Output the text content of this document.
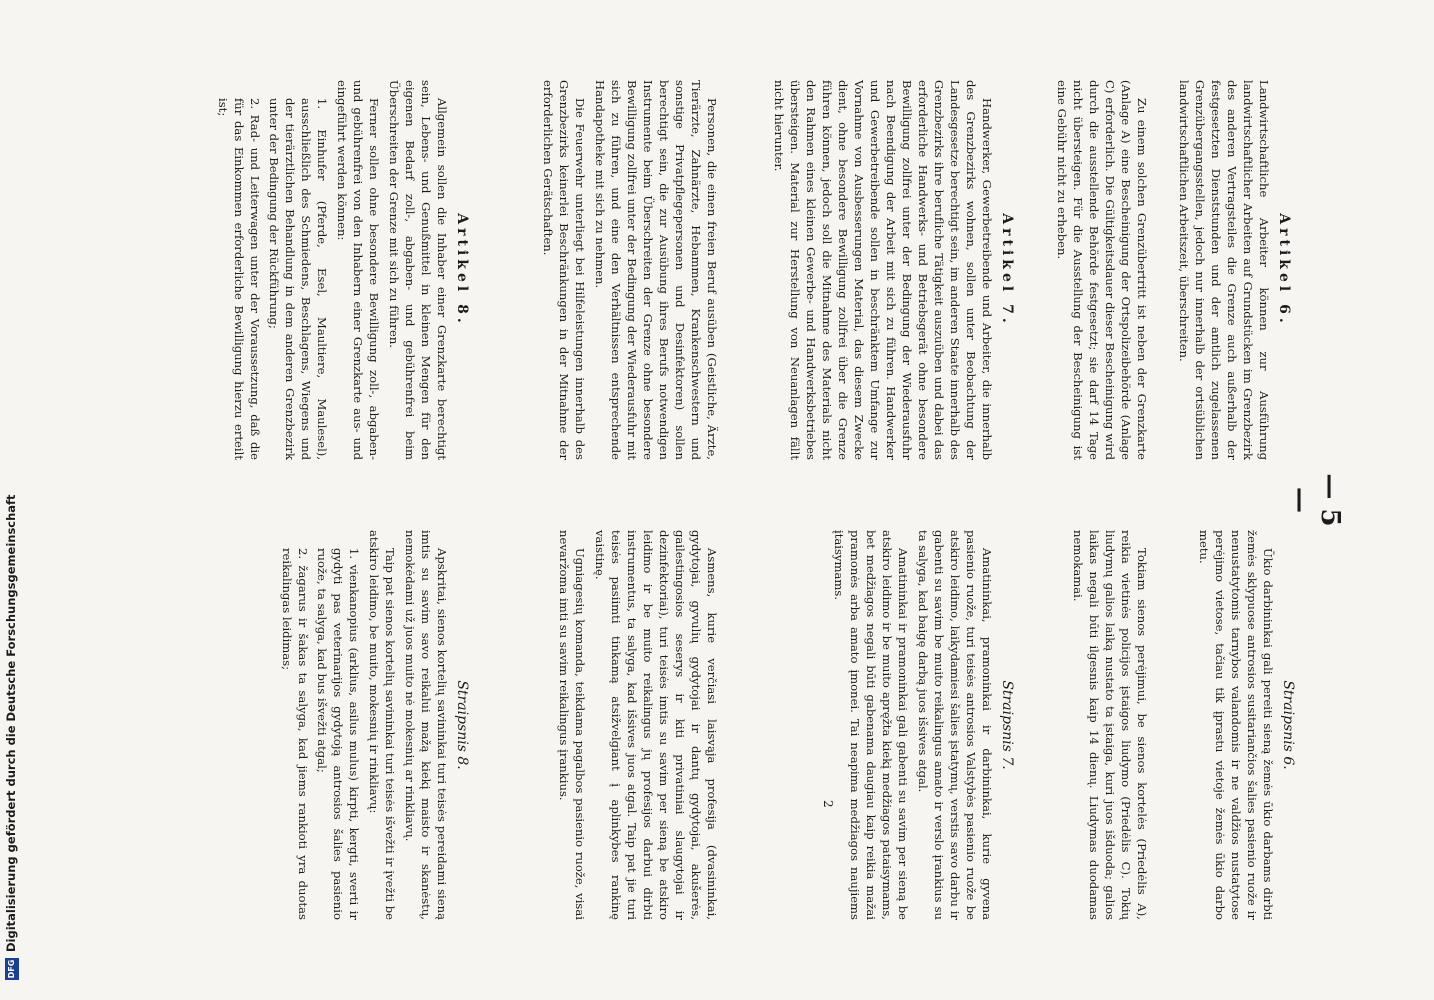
DFGDigitalisierung gefördert durch die Deutsche Forschungsgemeinschaft
Artikel 6.
Landwirtschaftliche Arbeiter können zur Ausführung landwirtschaftlicher Arbeiten auf Grundstücken im Grenzbezirk des anderen Vertragsteiles die Grenze auch außerhalb der festgesetzten Dienststunden und der amtlich zugelassenen Grenzübergangsstellen, jedoch nur innerhalb der ortsüblichen landwirtschaftlichen Arbeitszeit, überschreiten.
Straipsnis 6.
Ūkio darbininkai gali pereiti sieną žemės ūkio darbams dirbti žemės sklypuose antrosios susitariančios šalies pasienio ruože ir nenustatytomis tarnybos valandomis ir ne valdžios nustatytose perėjimo vietose, tačiau tik įprastu vietoje žemės ūkio darbo metu.
Zu einem solchen Grenzübertritt ist neben der Grenzkarte (Anlage A) eine Bescheinigung der Ortspolizeibehörde (Anlage C) erforderlich. Die Gültigkeitsdauer dieser Bescheinigung wird durch die ausstellende Behörde festgesetzt; sie darf 14 Tage nicht übersteigen. Für die Ausstellung der Bescheinigung ist eine Gebühr nicht zu erheben.
Tokiam sienos perėjimui, be sienos kortelės (Priedėlis A), reikia vietinės policijos įstaigos liudymo (Priedėlis C). Tokių liudymų galios laiką nustato ta įstaiga, kuri juos išduoda; galios laikas negali būti ilgesnis kaip 14 dienų. Liudymas duodamas nemokamai.
Artikel 7.
Handwerker, Gewerbetreibende und Arbeiter, die innerhalb des Grenzbezirks wohnen, sollen unter Beobachtung der Landesgesetze berechtigt sein, im anderen Staate innerhalb des Grenzbezirks ihre berufliche Tätigkeit auszuüben und dabei das erforderliche Handwerks- und Betriebsgerät ohne besondere Bewilligung zollfrei unter der Bedingung der Wiederausfuhr nach Beendigung der Arbeit mit sich zu führen. Handwerker und Gewerbetreibende sollen in beschränktem Umfange zur Vornahme von Ausbesserungen Material, das diesem Zwecke dient, ohne besondere Bewilligung zollfrei über die Grenze führen können, jedoch soll die Mitnahme des Materials nicht den Rahmen eines kleinen Gewerbe- und Handwerksbetriebes übersteigen. Material zur Herstellung von Neuanlagen fällt nicht hierunter.
Straipsnis 7.
Amatininkai, pramoninkai ir darbininkai, kurie gyvena pasienio ruože, turi teisės antrosios Valstybės pasienio ruože be atskiro leidimo, laikydamiesi šalies įstatymų, verstis savo darbu ir gabenti su savim be muito reikalingus amato ir verslo įrankius su ta salyga, kad baigę darbą juos išsives atgal.
Amatininkai ir pramoninkai gali gabenti su savim per sieną be atskiro leidimo ir be muito apręžta kiekį medžiagos pataisymams, bet medžiagos negali būti gabenama daugiau kaip reikia mažai pramonės arba amato įmonei. Tai neapima medžiagos naujiems įtaisymams.
Personen, die einen freien Beruf ausüben (Geistliche, Ärzte, Tierärzte, Zahnärzte, Hebammen, Krankenschwestern und sonstige Privatpflegepersonen und Desinfektoren) sollen berechtigt sein, die zur Ausübung ihres Berufs notwendigen Instrumente beim Überschreiten der Grenze ohne besondere Bewilligung zollfrei unter der Bedingung der Wiederausfuhr mit sich zu führen, und eine den Verhältnissen entsprechende Handapotheke mit sich zu nehmen.
Die Feuerwehr unterliegt bei Hilfeleistungen innerhalb des Grenzbezirks keinerlei Beschränkungen in der Mitnahme der erforderlichen Gerätschaften.
Asmens, kurie verčiasi laisvąja profesija (dvasininkai, gydytojai, gyvulių gydytojai ir dantų gydytojai, akušerės, gailestingosios seserys ir kiti privatiniai slaugytojai ir dezinfektoriai), turi teisės imtis su savim per sieną be atskiro leidimo ir be muito reikalingus jų profesijos darbui dirbti instrumentus, ta salyga, kad išsives juos atgal. Taip pat jie turi teisės pasiimti tinkamą atsižvelgiant į aplinkybes rankinę vaistinę.
Ugniagesių komanda, teikdama pagalbos pasienio ruože, visai nevaržoma imti su savim reikalingus įrankius.
Artikel 8.
Allgemein sollen die Inhaber einer Grenzkarte berechtigt sein, Lebens- und Genußmittel in kleinen Mengen für den eigenen Bedarf zoll-, abgaben- und gebührenfrei beim Überschreiten der Grenze mit sich zu führen.
Ferner sollen ohne besondere Bewilligung zoll-, abgaben- und gebührenfrei von den Inhabern einer Grenzkarte aus- und eingeführt werden können:
1. Einhufer (Pferde, Esel, Maultiere, Maulesel), ausschließlich des Schmiedens, Beschlagens, Wiegens und der tierärztlichen Behandlung in dem anderen Grenzbezirk unter der Bedingung der Rückführung;
2. Rad- und Leiterwagen unter der Voraussetzung, daß die für das Einkommen erforderliche Bewilligung hierzu erteilt ist;
Straipsnis 8.
Apskritai, sienos kortelių savininkai turi teisės pereidami sieną imtis su savim savo reikalui mažą kiekį maisto ir skanėstų, nemokėdami už juos muito nė mokesnių ar rinkliavų.
Taip pat sienos kortelių savininkai turi teisės išvežti ir įvežti be atskiro leidimo, be muito, mokesnių ir rinkliavų:
1. vienkanopius (arklius, asilus mulus) kirpti, kergti, sverti ir gydyti pas veterinarijos gydytoją antrosios šalies pasienio ruože, ta salyga, kad bus išvežti atgal;
2. žagarus ir šakas ta salyga, kad jiems rankioti yra duotas reikalingas leidimas;
— 5 —
2
